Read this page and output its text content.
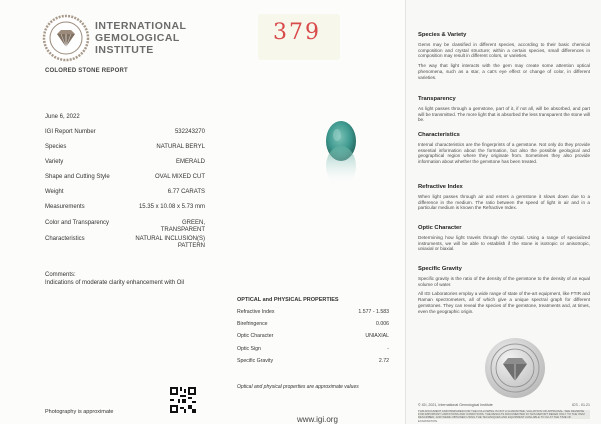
INTERNATIONAL
GEMOLOGICAL
INSTITUTE
COLORED STONE REPORT
379
June 6, 2022
IGI Report Number	532243270
Species	NATURAL BERYL
Variety	EMERALD
Shape and Cutting Style	OVAL MIXED CUT
Weight	6.77 CARATS
Measurements	15.35 x 10.08 x 5.73 mm
Color and Transparency	GREEN,
TRANSPARENT
Characteristics	NATURAL INCLUSION(S)
PATTERN
Comments:
Indications of moderate clarity enhancement with Oil
OPTICAL and PHYSICAL PROPERTIES
Refractive Index	1.577 - 1.583
Birefringence	0.006
Optic Character	UNIAXIAL
Optic Sign	-
Specific Gravity	2.72
Optical and physical properties are approximate values
Photography is approximate
www.igi.org
Species & Variety

Gems may be classified in different species, according to their basic chemical composition and crystal structure; within a certain species, small differences in composition may result in different colors, or varieties.

The way that light interacts with the gem may create some attention optical phenomena, such as a star, a cat's eye effect or change of color, in different varieties.

Transparency

As light passes through a gemstone, part of it, if not all, will be absorbed, and part will be transmitted. The more light that is absorbed the less transparent the stone will be.

Characteristics

Internal characteristics are the fingerprints of a gemstone. Not only do they provide essential information about the formation, but also the possible geological and geographical region where they originate from. Sometimes they also provide information about whether the gemstone has been treated.

Refractive Index

When light passes through air and enters a gemstone it slows down due to a difference in the medium. The ratio between the speed of light in air and in a particular medium is known the Refractive Index.

Optic Character

Determining how light travels through the crystal. Using a range of specialized instruments, we will be able to establish if the stone is isotropic or anisotropic, uniaxial or biaxial.

Specific Gravity

Specific gravity is the ratio of the density of the gemstone to the density of an equal volume of water.

All IGI Laboratories employ a wide range of state of the-art equipment, like FTIR and Raman spectrometers, all of which give a unique spectral graph for different gemstones. They can reveal the species of the gemstone, treatments and, at times, even the geographic origin.

© IGI, 2021, International Gemological Institute	ICS - 01.21
THIS DOCUMENT AND PREPARED FOR THE FOLLOWING IS NOT A GUARANTEE, VALUATION OR APPRAISAL. SEE REVERSE FOR IMPORTANT LIMITATIONS AND CONDITIONS. THE RESULTS DOCUMENTED IN THIS REPORT REFER ONLY TO THE ITEM DESCRIBED, AND WERE OBTAINED USING THE TECHNIQUES AND EQUIPMENT AVAILABLE TO IGI AT THE TIME OF EXAMINATION.
